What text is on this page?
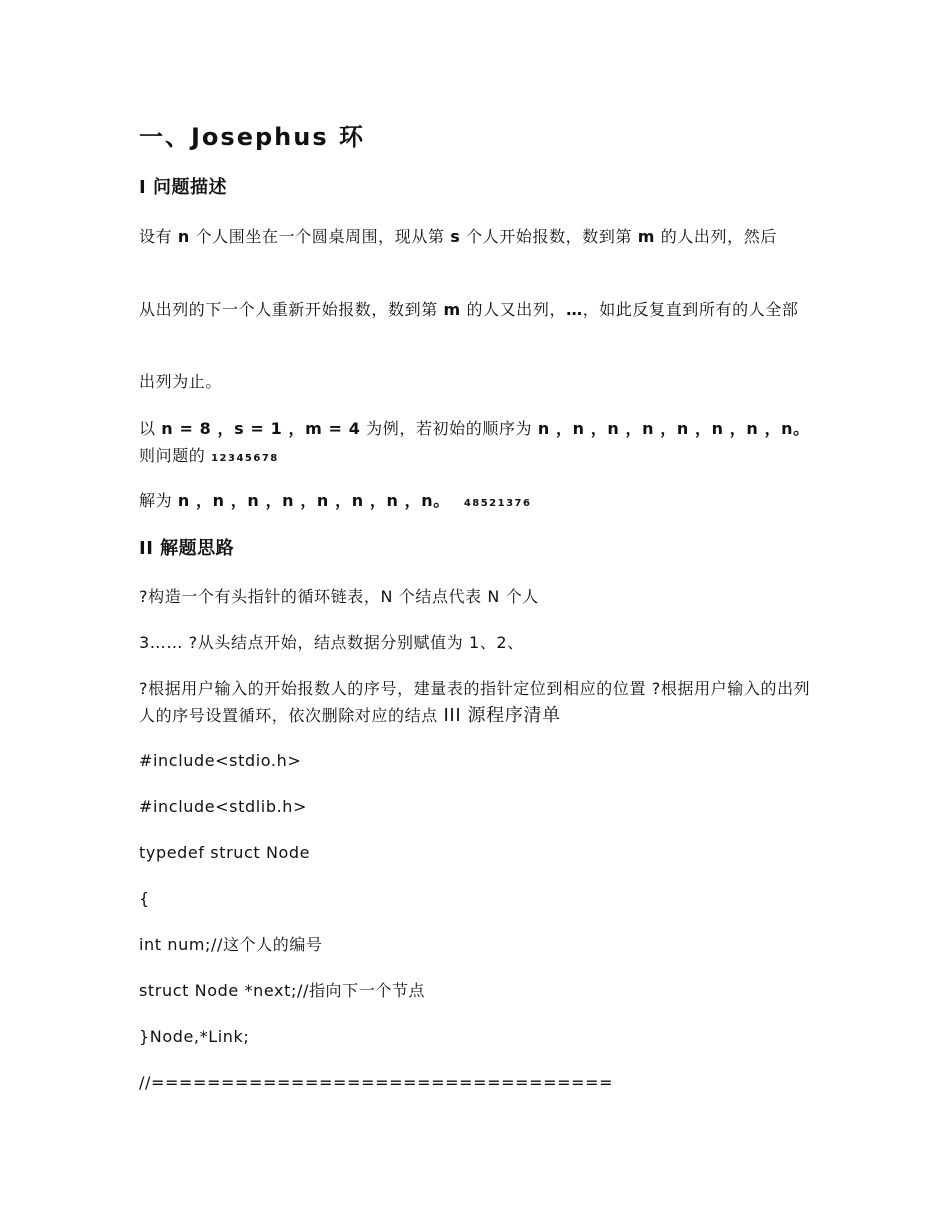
一、Josephus 环
I 问题描述

设有 n 个人围坐在一个圆桌周围，现从第 s 个人开始报数，数到第 m 的人出列，然后

从出列的下一个人重新开始报数，数到第 m 的人又出列，…，如此反复直到所有的人全部

出列为止。

以 n = 8 ，s = 1 ，m = 4 为例，若初始的顺序为 n ，n ，n ，n ，n ，n ，n ，n。则问题的 12345678

解为 n ，n ，n ，n ，n ，n ，n ，n。 48521376

II 解题思路

?构造一个有头指针的循环链表，N 个结点代表 N 个人

3…… ?从头结点开始，结点数据分别赋值为 1、2、

?根据用户输入的开始报数人的序号，建量表的指针定位到相应的位置 ?根据用户输入的出列人的序号设置循环，依次删除对应的结点 III 源程序清单

#include<stdio.h>

#include<stdlib.h>

typedef struct Node

{

int num;//这个人的编号

struct Node *next;//指向下一个节点

}Node,*Link;

//=================================
